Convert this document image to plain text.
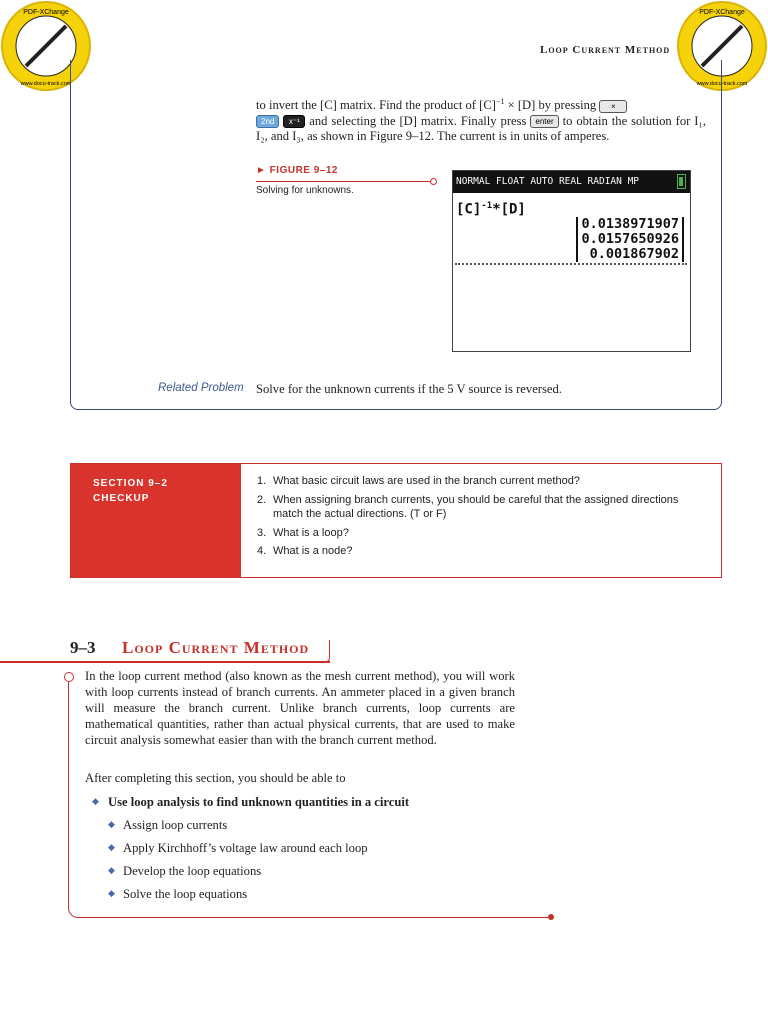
Loop Current Method
PDF-XChange
www.docu-track.com
PDF-XChange
www.docu-track.com
to invert the [C] matrix. Find the product of $[C]^{-1} \times [D]$ by pressing ×
2nd x⁻¹ and selecting the [D] matrix. Finally press enter to obtain the solution for I₁, I₂, and I₃, as shown in Figure 9–12. The current is in units of amperes.
► FIGURE 9–12
Solving for unknowns.
NORMAL FLOAT AUTO REAL RADIAN MP
$[C]^{-1}*[D]$
0.0138971907
0.0157650926
0.001867902
Related Problem Solve for the unknown currents if the 5 V source is reversed.
SECTION 9–2
CHECKUP
1. What basic circuit laws are used in the branch current method?
2. When assigning branch currents, you should be careful that the assigned directions match the actual directions. (T or F)
3. What is a loop?
4. What is a node?
9–3 Loop Current Method
In the loop current method (also known as the mesh current method), you will work with loop currents instead of branch currents. An ammeter placed in a given branch will measure the branch current. Unlike branch currents, loop currents are mathematical quantities, rather than actual physical currents, that are used to make circuit analysis somewhat easier than with the branch current method.
After completing this section, you should be able to
◆ Use loop analysis to find unknown quantities in a circuit
◆ Assign loop currents
◆ Apply Kirchhoff’s voltage law around each loop
◆ Develop the loop equations
◆ Solve the loop equations
